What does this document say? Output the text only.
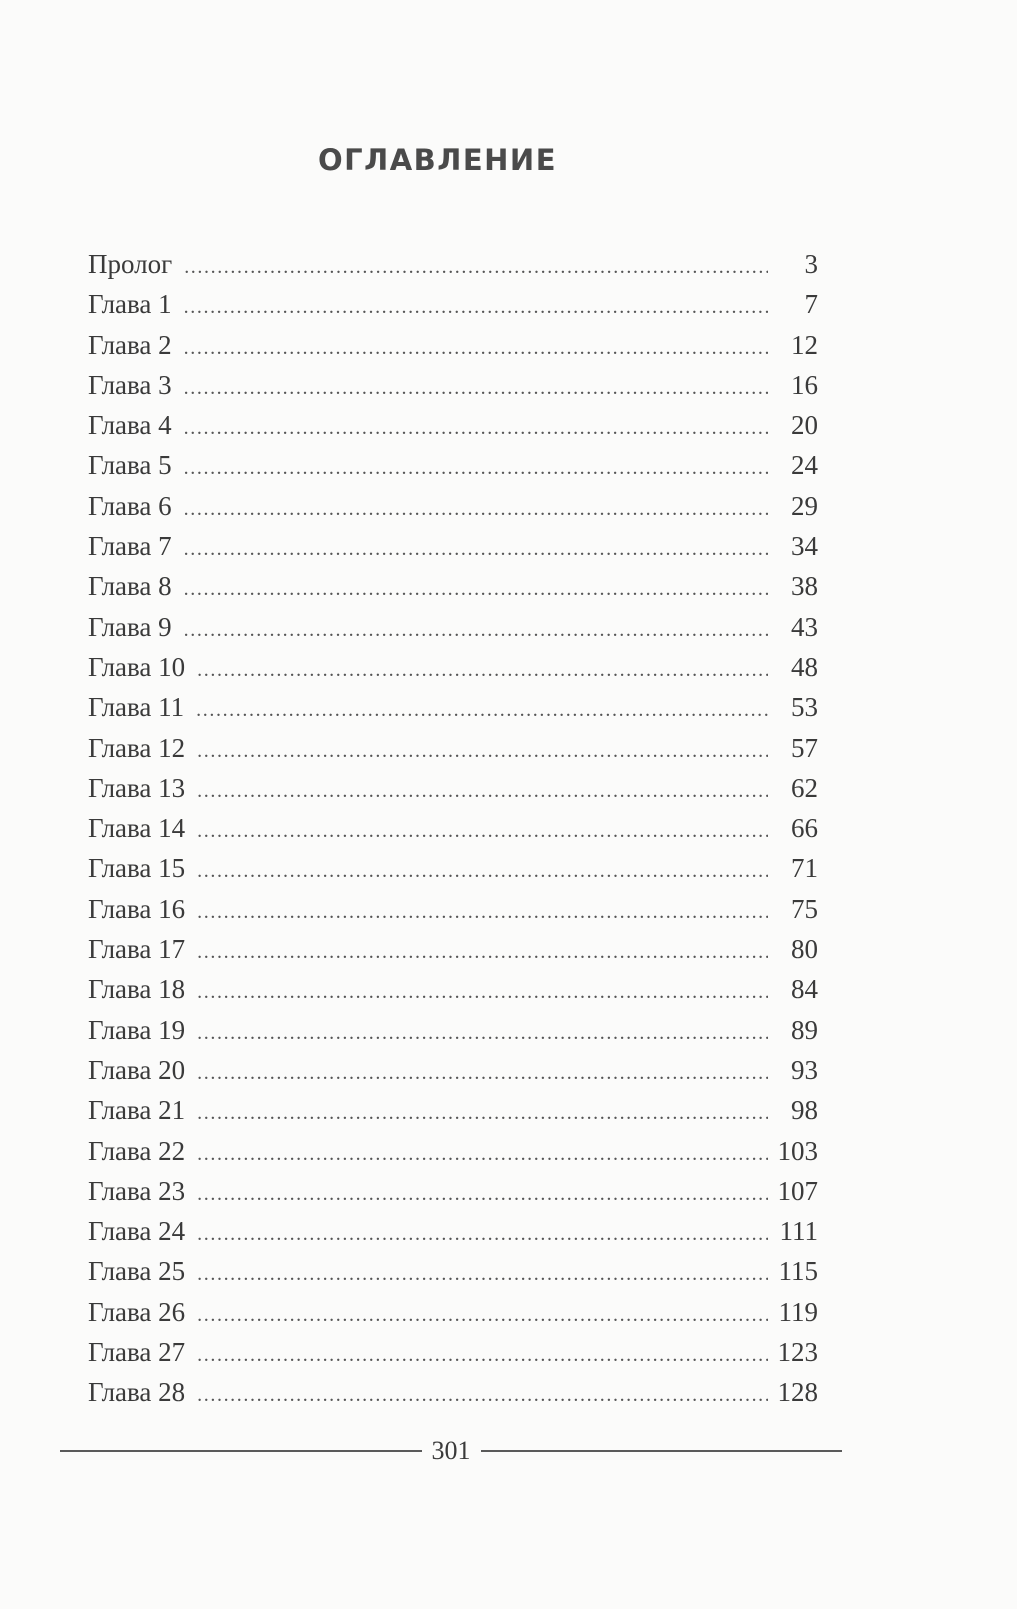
ОГЛАВЛЕНИЕ
Пролог .....	3
Глава 1 .....	7
Глава 2 .....	12
Глава 3 .....	16
Глава 4 .....	20
Глава 5 .....	24
Глава 6 .....	29
Глава 7 .....	34
Глава 8 .....	38
Глава 9 .....	43
Глава 10 .....	48
Глава 11 .....	53
Глава 12 .....	57
Глава 13 .....	62
Глава 14 .....	66
Глава 15 .....	71
Глава 16 .....	75
Глава 17 .....	80
Глава 18 .....	84
Глава 19 .....	89
Глава 20 .....	93
Глава 21 .....	98
Глава 22 .....	103
Глава 23 .....	107
Глава 24 .....	111
Глава 25 .....	115
Глава 26 .....	119
Глава 27 .....	123
Глава 28 .....	128
301
